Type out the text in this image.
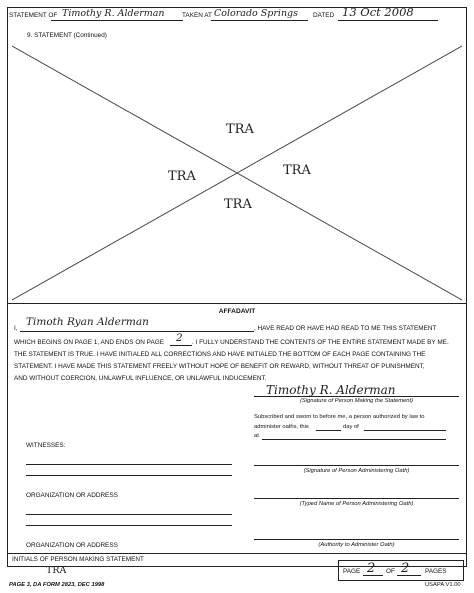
STATEMENT OF Timothy R. Alderman	TAKEN AT Colorado Springs DATED 13 Oct 2008
9. STATEMENT (Continued)
TRA
TRA	TRA
TRA
AFFADAVIT
I,
Timoth Ryan Alderman
, HAVE READ OR HAVE HAD READ TO ME THIS STATEMENT
WHICH BEGINS ON PAGE 1, AND ENDS ON PAGE 2 . I FULLY UNDERSTAND THE CONTENTS OF THE ENTIRE STATEMENT MADE BY ME.
THE STATEMENT IS TRUE. I HAVE INITIALED ALL CORRECTIONS AND HAVE INITIALED THE BOTTOM OF EACH PAGE CONTAINING THE
STATEMENT. I HAVE MADE THIS STATEMENT FREELY WITHOUT HOPE OF BENEFIT OR REWARD, WITHOUT THREAT OF PUNISHMENT,
AND WITHOUT COERCION, UNLAWFUL INFLUENCE, OR UNLAWFUL INDUCEMENT.
Timothy R. Alderman
(Signature of Person Making the Statement)
Subscribed and sworn to before me, a person authorized by law to
administer oaths, this	day of
at
WITNESSES:
ORGANIZATION OR ADDRESS
ORGANIZATION OR ADDRESS
(Signature of Person Administering Oath)
(Typed Name of Person Administering Oath)
(Authority to Administer Oath)
INITIALS OF PERSON MAKING STATEMENT
TRA	PAGE 2 OF 2 PAGES
PAGE 3, DA FORM 2823, DEC 1998	USAPA V1.00
